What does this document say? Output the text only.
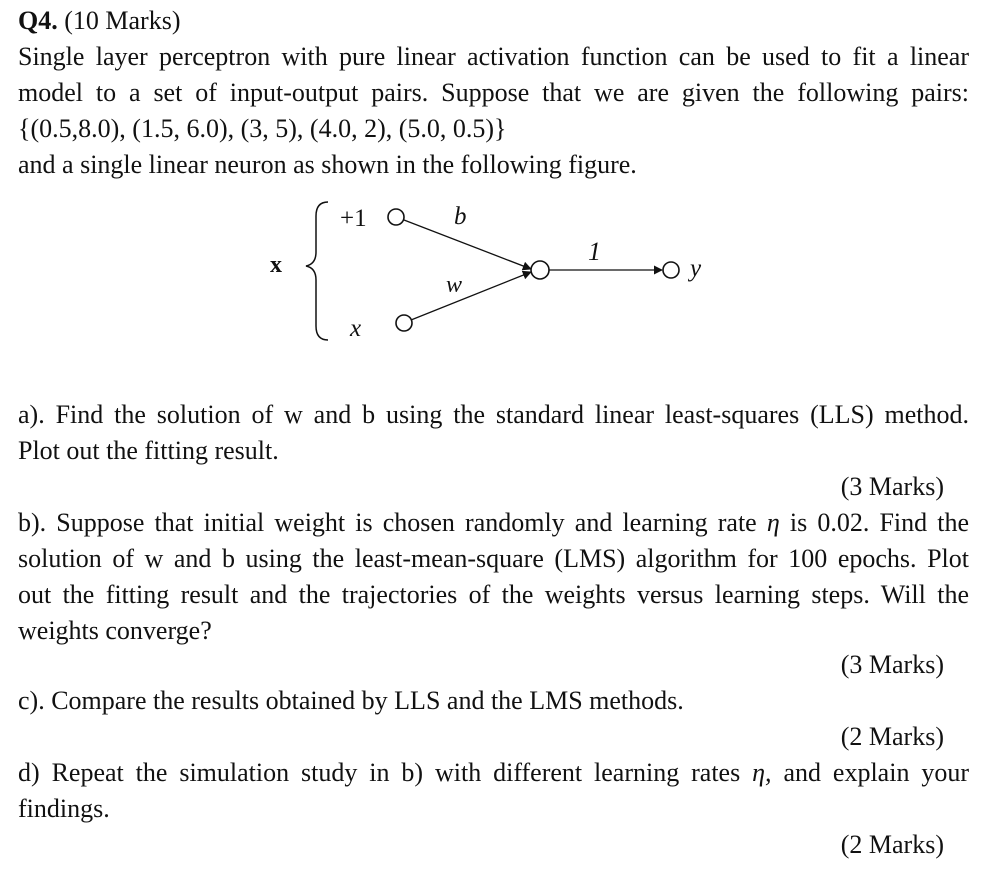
Q4. (10 Marks)
Single layer perceptron with pure linear activation function can be used to fit a linear
model to a set of input-output pairs. Suppose that we are given the following pairs:
{(0.5,8.0), (1.5, 6.0), (3, 5), (4.0, 2), (5.0, 0.5)}
and a single linear neuron as shown in the following figure.
x
+1
x
b
w
1
y
a). Find the solution of w and b using the standard linear least-squares (LLS) method.
Plot out the fitting result.
(3 Marks)
b). Suppose that initial weight is chosen randomly and learning rate η is 0.02. Find the
solution of w and b using the least-mean-square (LMS) algorithm for 100 epochs. Plot
out the fitting result and the trajectories of the weights versus learning steps. Will the
weights converge?
(3 Marks)
c). Compare the results obtained by LLS and the LMS methods.
(2 Marks)
d) Repeat the simulation study in b) with different learning rates η, and explain your
findings.
(2 Marks)
